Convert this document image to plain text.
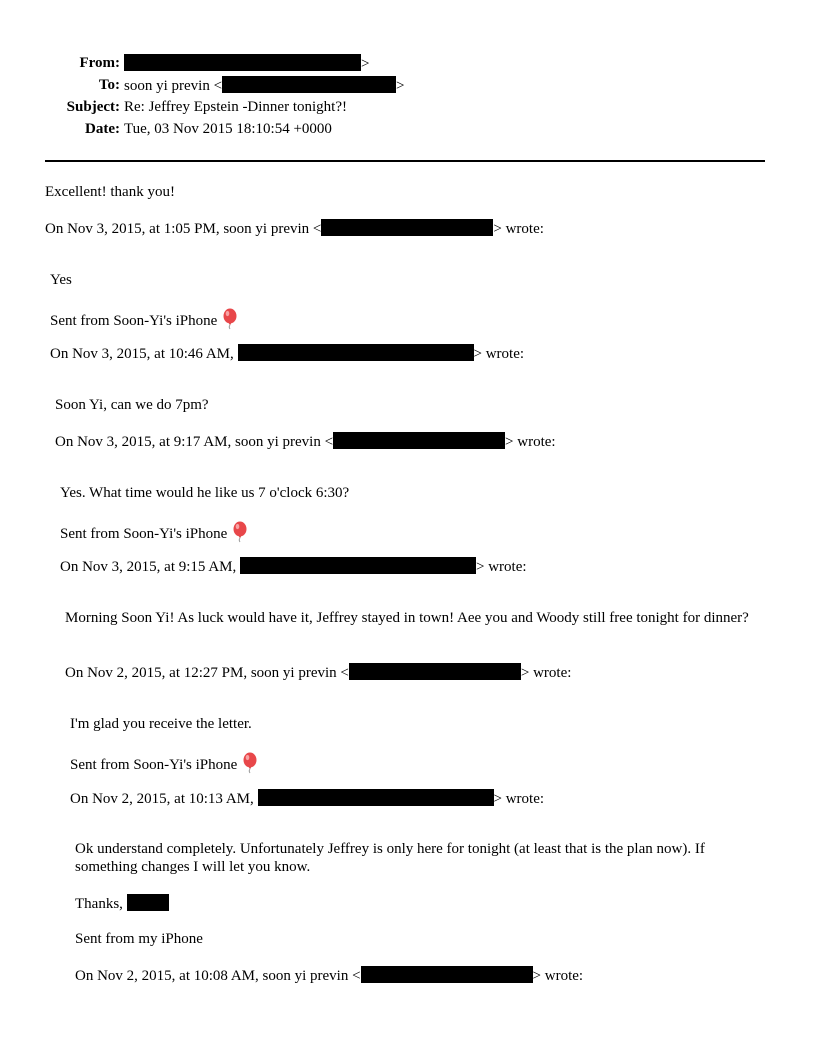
From:	>
To: soon yi previn <	>
Subject: Re: Jeffrey Epstein -Dinner tonight?!
Date: Tue, 03 Nov 2015 18:10:54 +0000
Excellent! thank you!
On Nov 3, 2015, at 1:05 PM, soon yi previn <	> wrote:
Yes
Sent from Soon-Yi's iPhone
On Nov 3, 2015, at 10:46 AM,	> wrote:
Soon Yi, can we do 7pm?
On Nov 3, 2015, at 9:17 AM, soon yi previn <	> wrote:
Yes. What time would he like us 7 o'clock 6:30?
Sent from Soon-Yi's iPhone
On Nov 3, 2015, at 9:15 AM,	> wrote:
Morning Soon Yi! As luck would have it, Jeffrey stayed in town! Aee you and Woody still free tonight for dinner?
On Nov 2, 2015, at 12:27 PM, soon yi previn <	> wrote:
I'm glad you receive the letter.
Sent from Soon-Yi's iPhone
On Nov 2, 2015, at 10:13 AM,	> wrote:
Ok understand completely. Unfortunately Jeffrey is only here for tonight (at least that is the plan now). If something changes I will let you know.
Thanks,
Sent from my iPhone
On Nov 2, 2015, at 10:08 AM, soon yi previn <	> wrote:
